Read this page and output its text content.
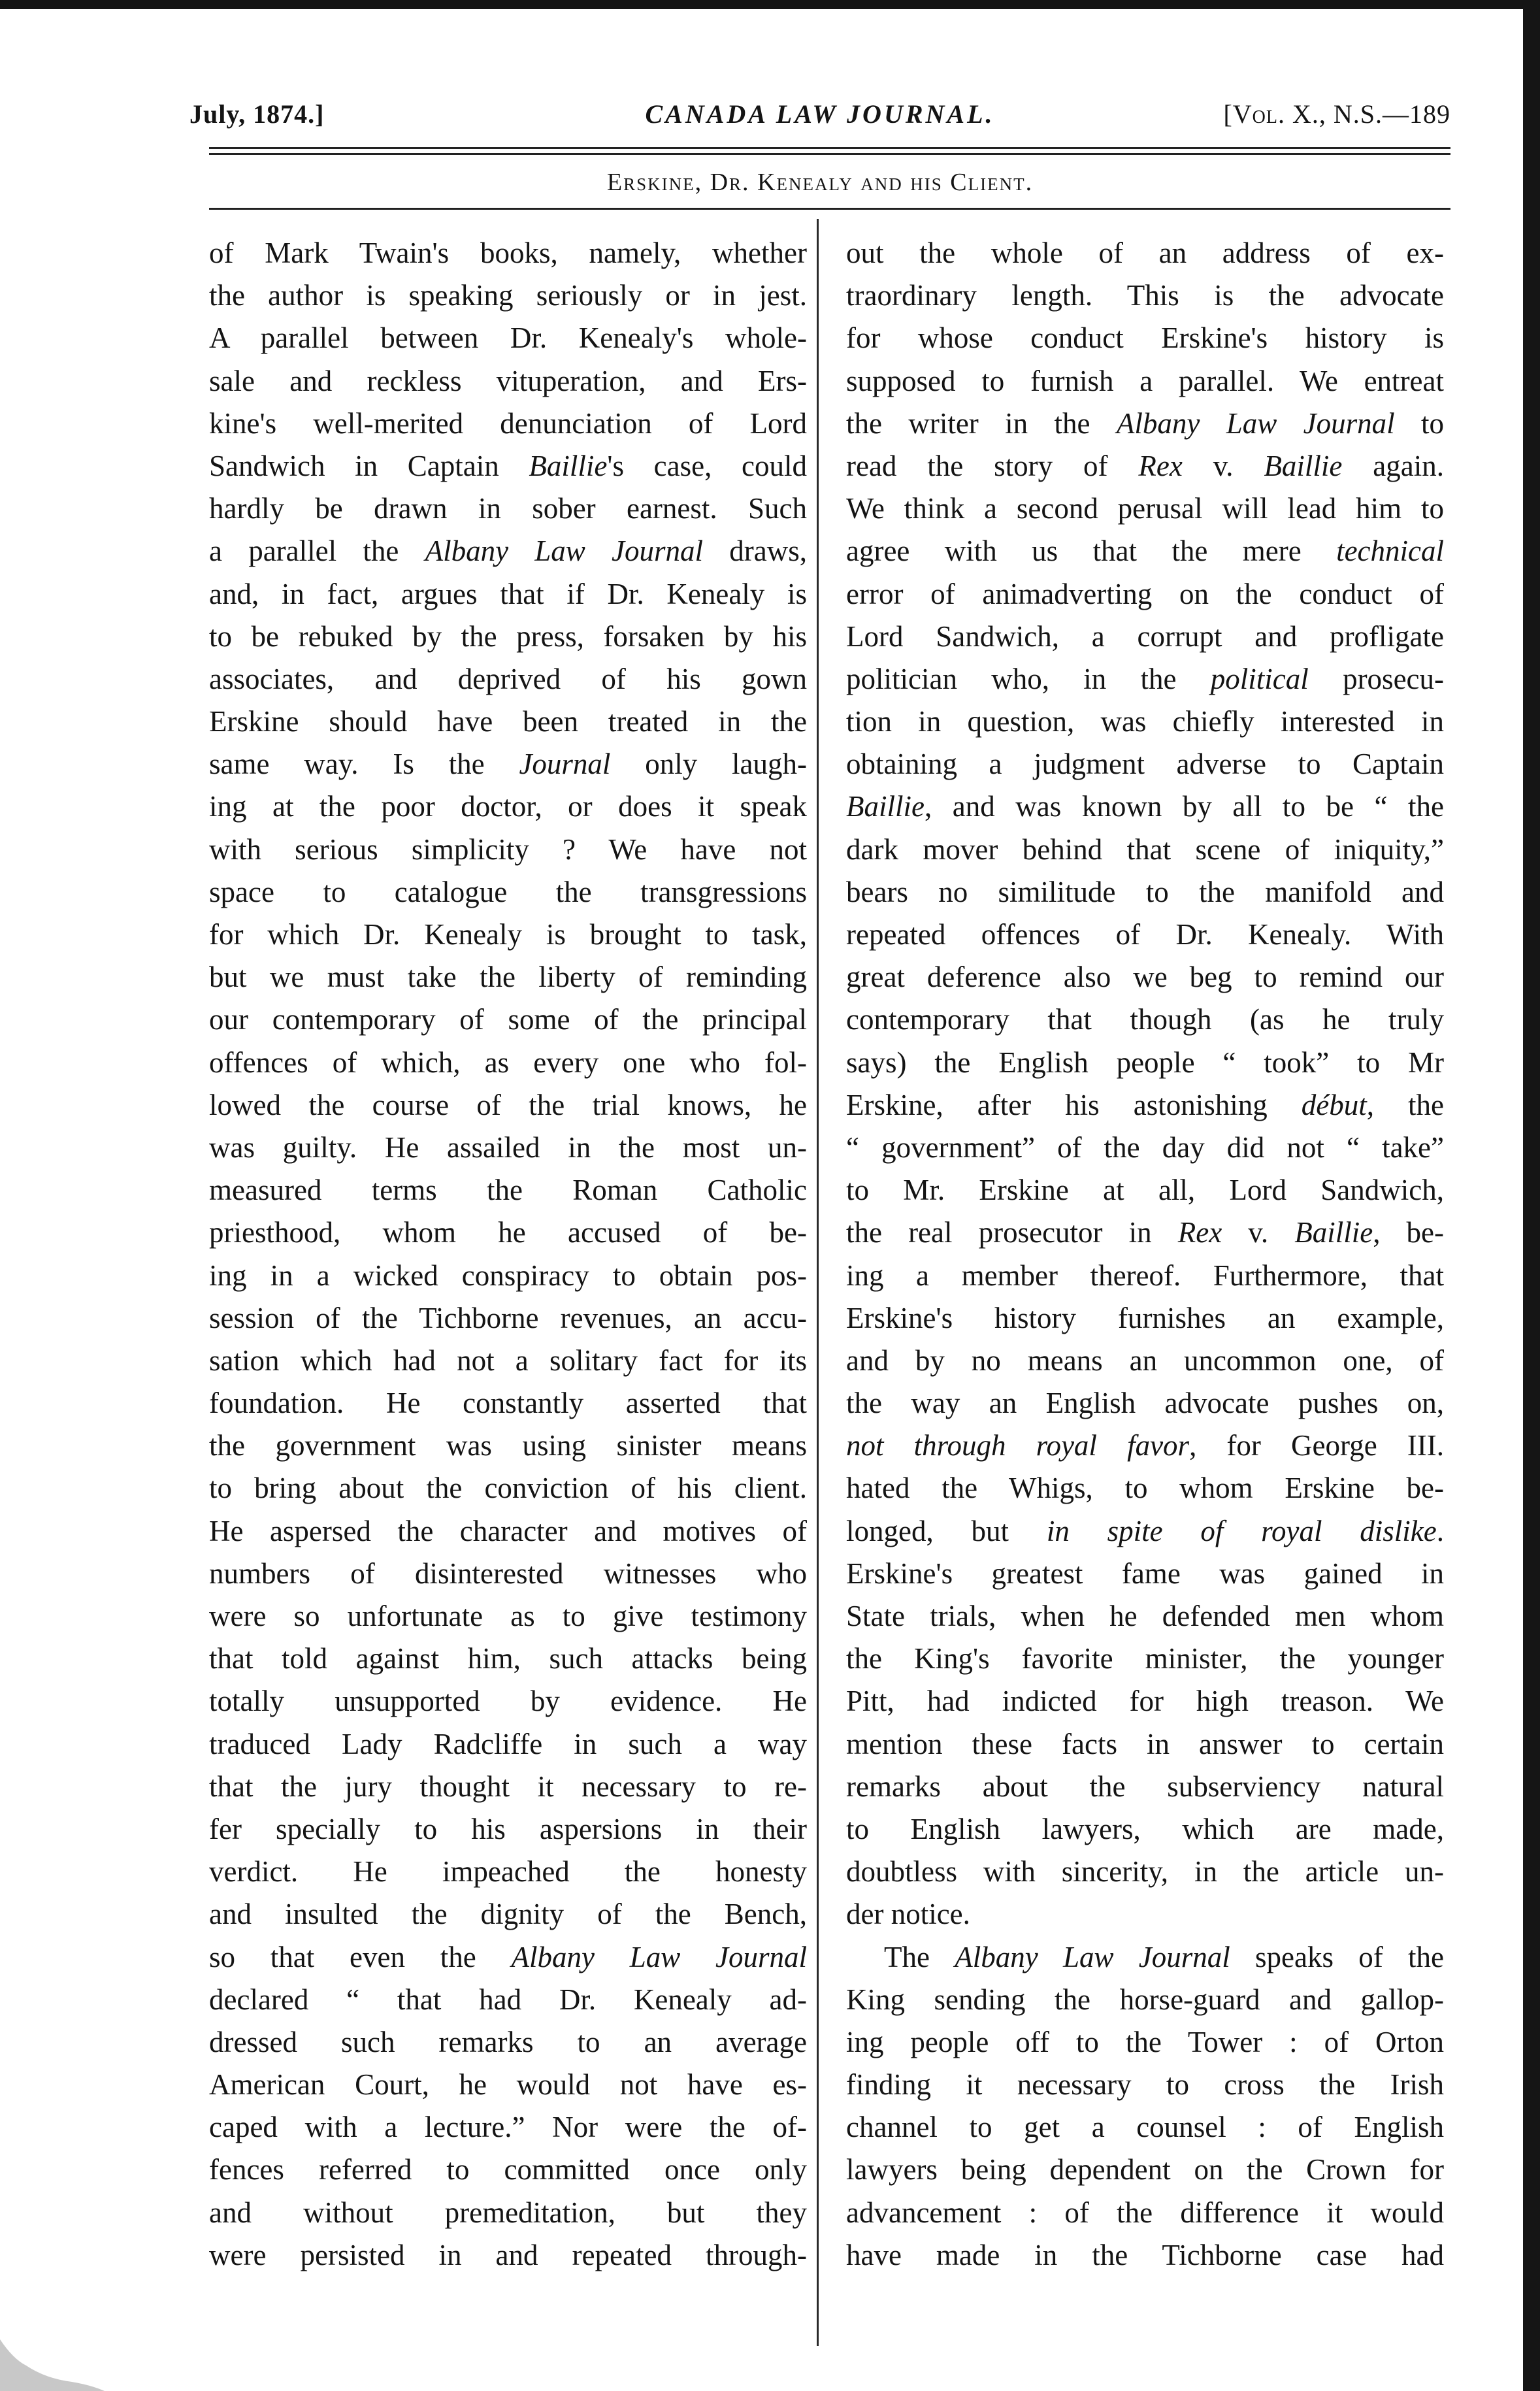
July, 1874.]	CANADA LAW JOURNAL.	[Vol. X., N.S.—189
Erskine, Dr. Kenealy and his Client.
of Mark Twain's books, namely, whether
the author is speaking seriously or in jest.
A parallel between Dr. Kenealy's whole-
sale and reckless vituperation, and Ers-
kine's well-merited denunciation of Lord
Sandwich in Captain Baillie's case, could
hardly be drawn in sober earnest. Such
a parallel the Albany Law Journal draws,
and, in fact, argues that if Dr. Kenealy is
to be rebuked by the press, forsaken by his
associates, and deprived of his gown
Erskine should have been treated in the
same way. Is the Journal only laugh-
ing at the poor doctor, or does it speak
with serious simplicity ? We have not
space to catalogue the transgressions
for which Dr. Kenealy is brought to task,
but we must take the liberty of reminding
our contemporary of some of the principal
offences of which, as every one who fol-
lowed the course of the trial knows, he
was guilty. He assailed in the most un-
measured terms the Roman Catholic
priesthood, whom he accused of be-
ing in a wicked conspiracy to obtain pos-
session of the Tichborne revenues, an accu-
sation which had not a solitary fact for its
foundation. He constantly asserted that
the government was using sinister means
to bring about the conviction of his client.
He aspersed the character and motives of
numbers of disinterested witnesses who
were so unfortunate as to give testimony
that told against him, such attacks being
totally unsupported by evidence. He
traduced Lady Radcliffe in such a way
that the jury thought it necessary to re-
fer specially to his aspersions in their
verdict. He impeached the honesty
and insulted the dignity of the Bench,
so that even the Albany Law Journal
declared “ that had Dr. Kenealy ad-
dressed such remarks to an average
American Court, he would not have es-
caped with a lecture.” Nor were the of-
fences referred to committed once only
and without premeditation, but they
were persisted in and repeated through-
out the whole of an address of ex-
traordinary length. This is the advocate
for whose conduct Erskine's history is
supposed to furnish a parallel. We entreat
the writer in the Albany Law Journal to
read the story of Rex v. Baillie again.
We think a second perusal will lead him to
agree with us that the mere technical
error of animadverting on the conduct of
Lord Sandwich, a corrupt and profligate
politician who, in the political prosecu-
tion in question, was chiefly interested in
obtaining a judgment adverse to Captain
Baillie, and was known by all to be “ the
dark mover behind that scene of iniquity,”
bears no similitude to the manifold and
repeated offences of Dr. Kenealy. With
great deference also we beg to remind our
contemporary that though (as he truly
says) the English people “ took” to Mr
Erskine, after his astonishing début, the
“ government” of the day did not “ take”
to Mr. Erskine at all, Lord Sandwich,
the real prosecutor in Rex v. Baillie, be-
ing a member thereof. Furthermore, that
Erskine's history furnishes an example,
and by no means an uncommon one, of
the way an English advocate pushes on,
not through royal favor, for George III.
hated the Whigs, to whom Erskine be-
longed, but in spite of royal dislike.
Erskine's greatest fame was gained in
State trials, when he defended men whom
the King's favorite minister, the younger
Pitt, had indicted for high treason. We
mention these facts in answer to certain
remarks about the subserviency natural
to English lawyers, which are made,
doubtless with sincerity, in the article un-
der notice.
The Albany Law Journal speaks of the
King sending the horse-guard and gallop-
ing people off to the Tower : of Orton
finding it necessary to cross the Irish
channel to get a counsel : of English
lawyers being dependent on the Crown for
advancement : of the difference it would
have made in the Tichborne case had
